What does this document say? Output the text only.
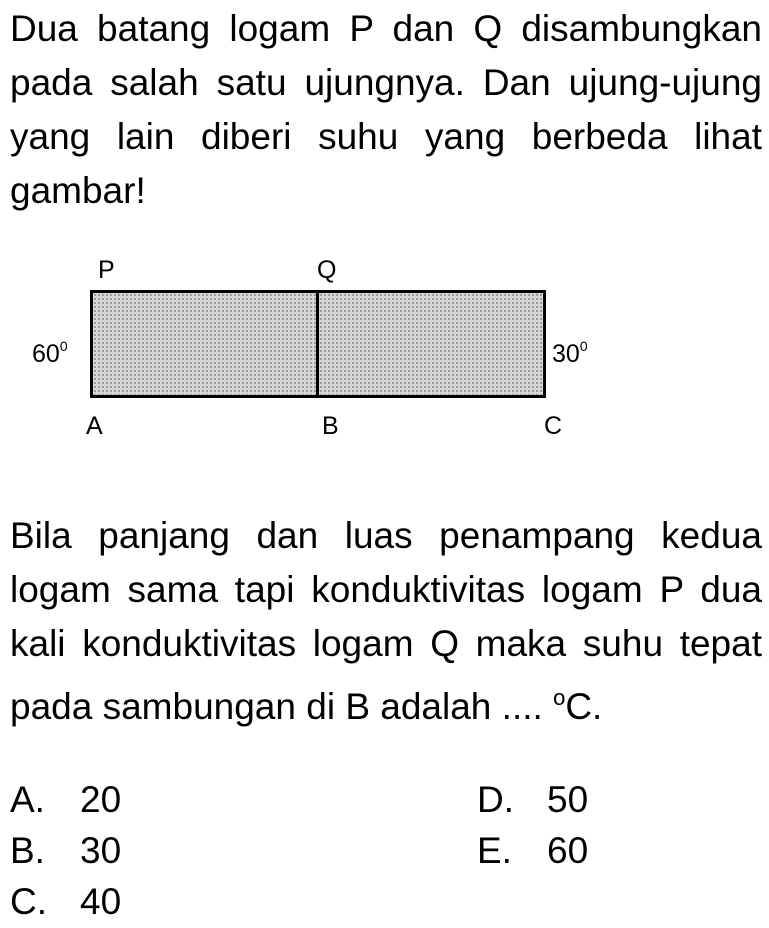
Dua batang logam P dan Q disambungkan pada salah satu ujungnya. Dan ujung-ujung yang lain diberi suhu yang berbeda lihat gambar!

P	Q
$60^0$	$30^0$
A	B	C

Bila panjang dan luas penampang kedua logam sama tapi konduktivitas logam P dua kali konduktivitas logam Q maka suhu tepat pada sambungan di B adalah .... $^o$C.

A. 20
B. 30
C. 40
D. 50
E. 60
